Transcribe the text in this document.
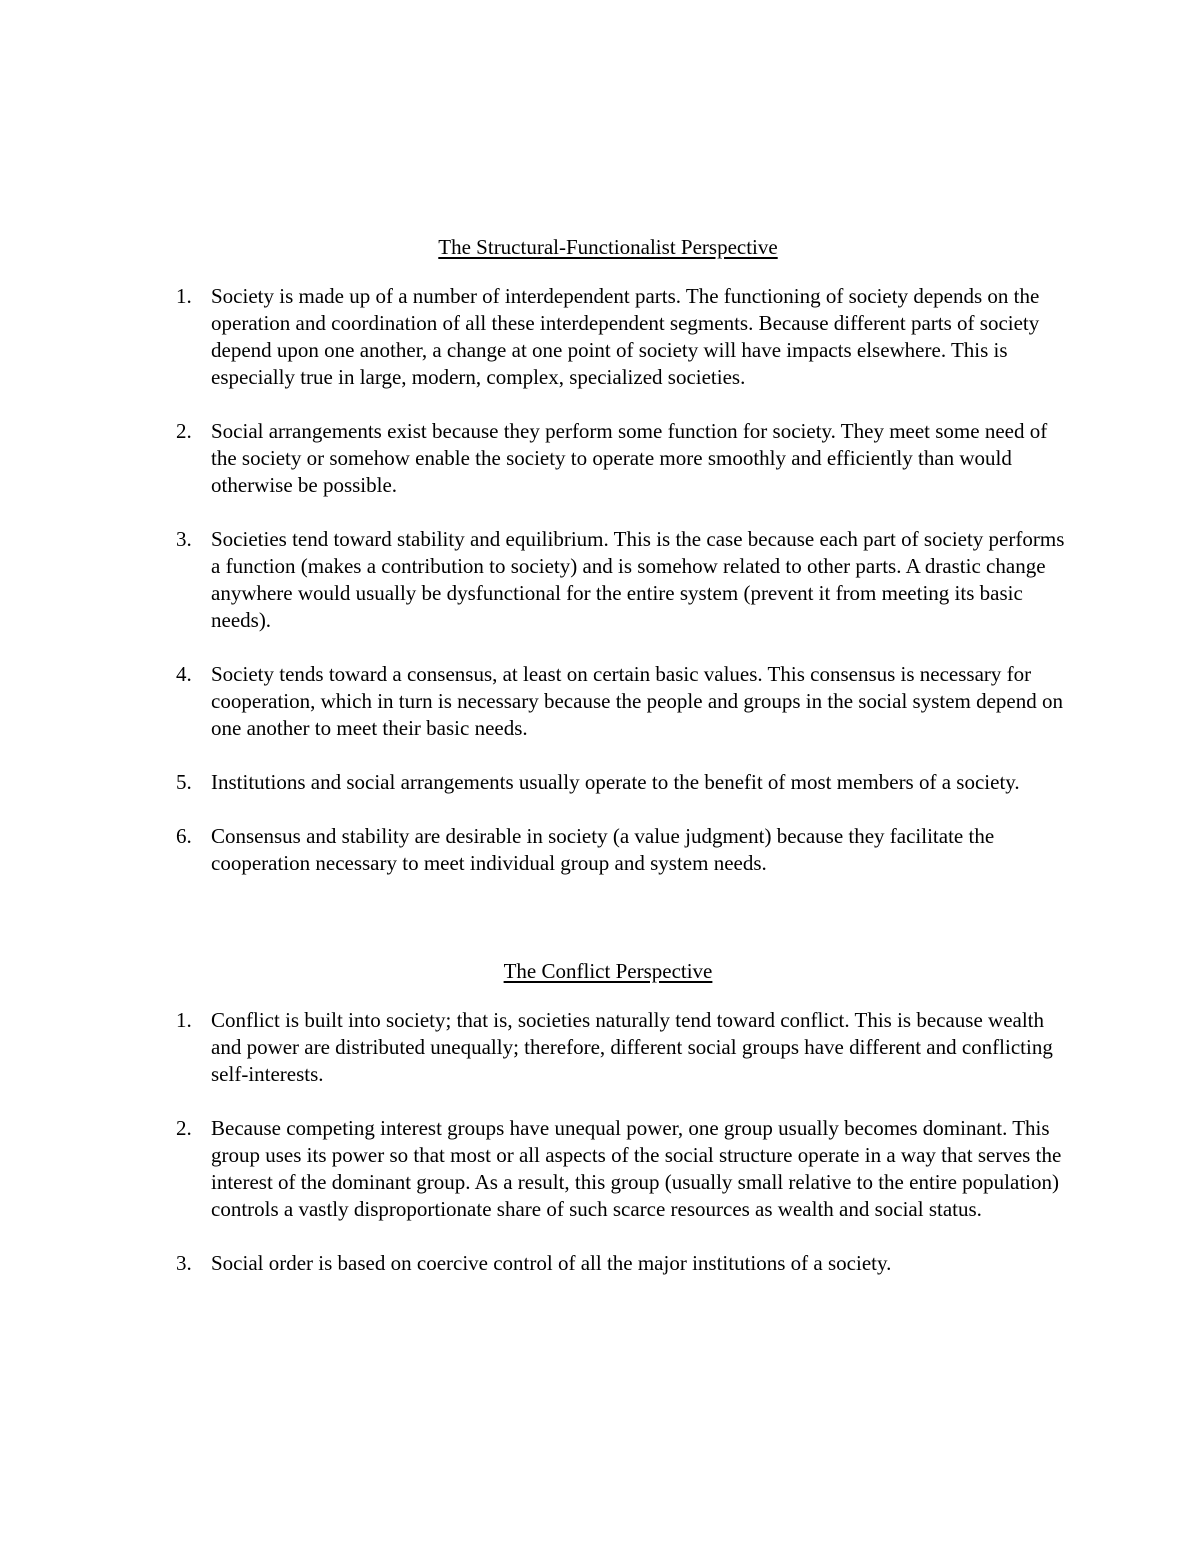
The Structural-Functionalist Perspective
1. Society is made up of a number of interdependent parts. The functioning of society depends on the operation and coordination of all these interdependent segments. Because different parts of society depend upon one another, a change at one point of society will have impacts elsewhere. This is especially true in large, modern, complex, specialized societies.
2. Social arrangements exist because they perform some function for society. They meet some need of the society or somehow enable the society to operate more smoothly and efficiently than would otherwise be possible.
3. Societies tend toward stability and equilibrium. This is the case because each part of society performs a function (makes a contribution to society) and is somehow related to other parts. A drastic change anywhere would usually be dysfunctional for the entire system (prevent it from meeting its basic needs).
4. Society tends toward a consensus, at least on certain basic values. This consensus is necessary for cooperation, which in turn is necessary because the people and groups in the social system depend on one another to meet their basic needs.
5. Institutions and social arrangements usually operate to the benefit of most members of a society.
6. Consensus and stability are desirable in society (a value judgment) because they facilitate the cooperation necessary to meet individual group and system needs.
The Conflict Perspective
1. Conflict is built into society; that is, societies naturally tend toward conflict. This is because wealth and power are distributed unequally; therefore, different social groups have different and conflicting self-interests.
2. Because competing interest groups have unequal power, one group usually becomes dominant. This group uses its power so that most or all aspects of the social structure operate in a way that serves the interest of the dominant group. As a result, this group (usually small relative to the entire population) controls a vastly disproportionate share of such scarce resources as wealth and social status.
3. Social order is based on coercive control of all the major institutions of a society.
